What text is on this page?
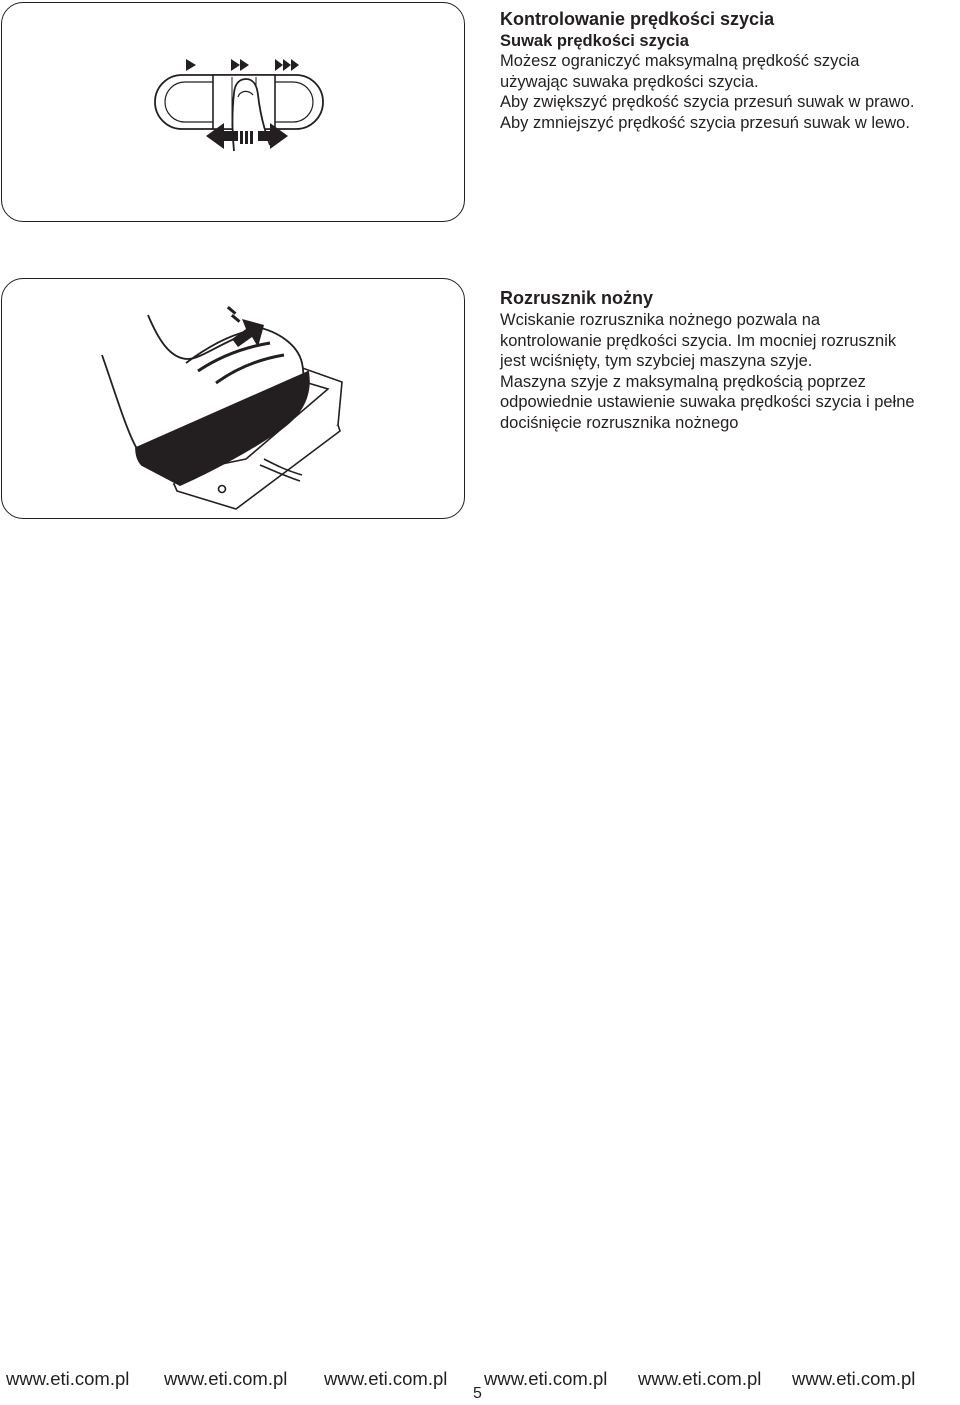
Kontrolowanie prędkości szycia
Suwak prędkości szycia
Możesz ograniczyć maksymalną prędkość szycia
używając suwaka prędkości szycia.
Aby zwiększyć prędkość szycia przesuń suwak w prawo.
Aby zmniejszyć prędkość szycia przesuń suwak w lewo.
Rozrusznik nożny
Wciskanie rozrusznika nożnego pozwala na
kontrolowanie prędkości szycia. Im mocniej rozrusznik
jest wciśnięty, tym szybciej maszyna szyje.
Maszyna szyje z maksymalną prędkością poprzez
odpowiednie ustawienie suwaka prędkości szycia i pełne
dociśnięcie rozrusznika nożnego
www.eti.com.pl www.eti.com.pl www.eti.com.pl www.eti.com.pl www.eti.com.pl www.eti.com.pl
5
